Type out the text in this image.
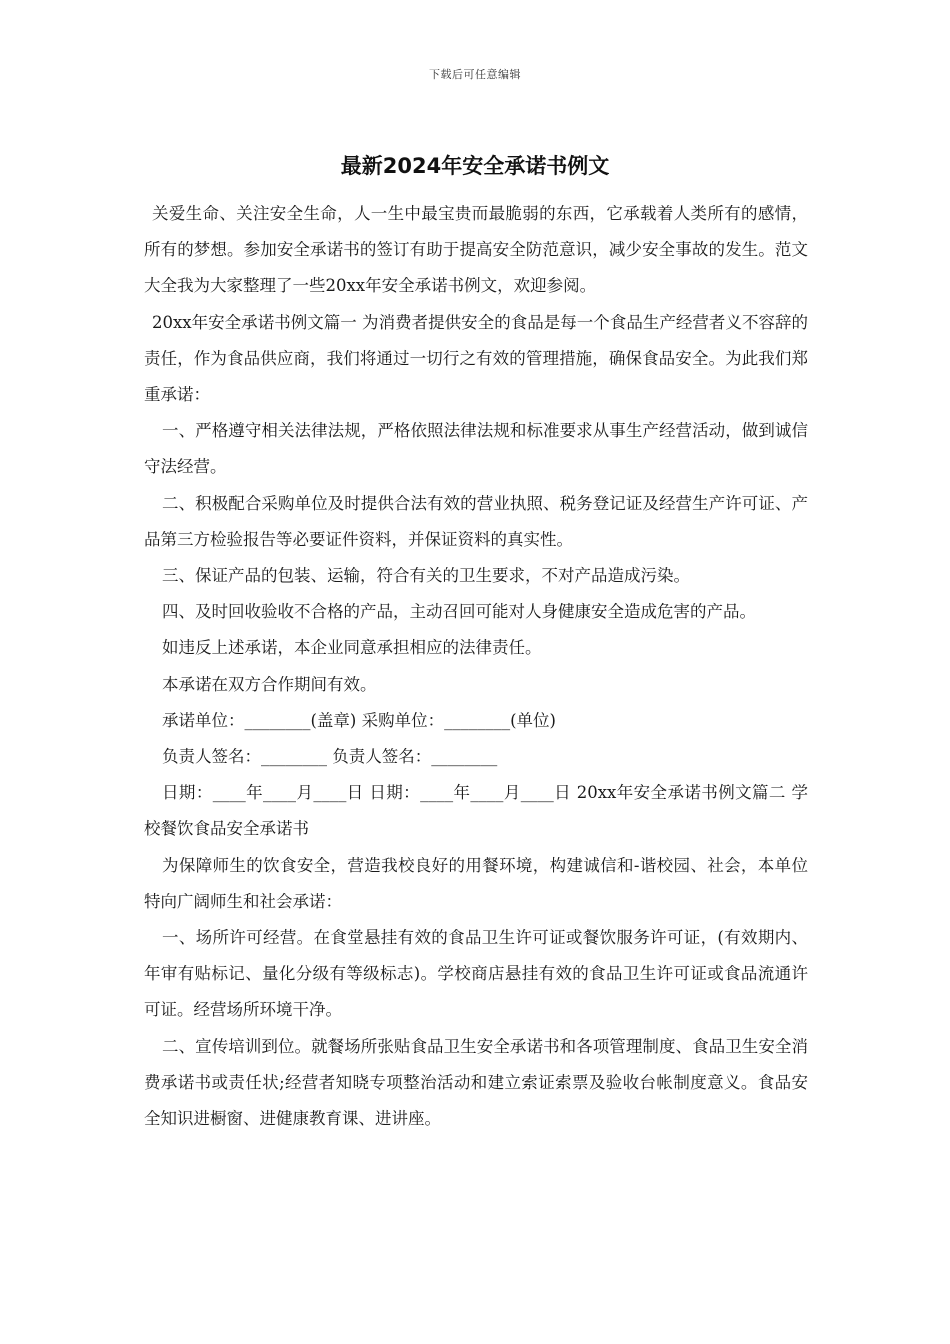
下载后可任意编辑
最新2024年安全承诺书例文

关爱生命、关注安全生命，人一生中最宝贵而最脆弱的东西，它承载着人类所有的感情，所有的梦想。参加安全承诺书的签订有助于提高安全防范意识，减少安全事故的发生。范文大全我为大家整理了一些20xx年安全承诺书例文，欢迎参阅。

20xx年安全承诺书例文篇一 为消费者提供安全的食品是每一个食品生产经营者义不容辞的责任，作为食品供应商，我们将通过一切行之有效的管理措施，确保食品安全。为此我们郑重承诺：

一、严格遵守相关法律法规，严格依照法律法规和标准要求从事生产经营活动，做到诚信守法经营。

二、积极配合采购单位及时提供合法有效的营业执照、税务登记证及经营生产许可证、产品第三方检验报告等必要证件资料，并保证资料的真实性。

三、保证产品的包装、运输，符合有关的卫生要求，不对产品造成污染。

四、及时回收验收不合格的产品，主动召回可能对人身健康安全造成危害的产品。

如违反上述承诺，本企业同意承担相应的法律责任。

本承诺在双方合作期间有效。

承诺单位：________(盖章) 采购单位：________(单位)

负责人签名：________ 负责人签名：________

日期：____年____月____日 日期：____年____月____日 20xx年安全承诺书例文篇二 学校餐饮食品安全承诺书

为保障师生的饮食安全，营造我校良好的用餐环境，构建诚信和-谐校园、社会，本单位特向广阔师生和社会承诺：

一、场所许可经营。在食堂悬挂有效的食品卫生许可证或餐饮服务许可证，(有效期内、年审有贴标记、量化分级有等级标志)。学校商店悬挂有效的食品卫生许可证或食品流通许可证。经营场所环境干净。

二、宣传培训到位。就餐场所张贴食品卫生安全承诺书和各项管理制度、食品卫生安全消费承诺书或责任状;经营者知晓专项整治活动和建立索证索票及验收台帐制度意义。食品安全知识进橱窗、进健康教育课、进讲座。
